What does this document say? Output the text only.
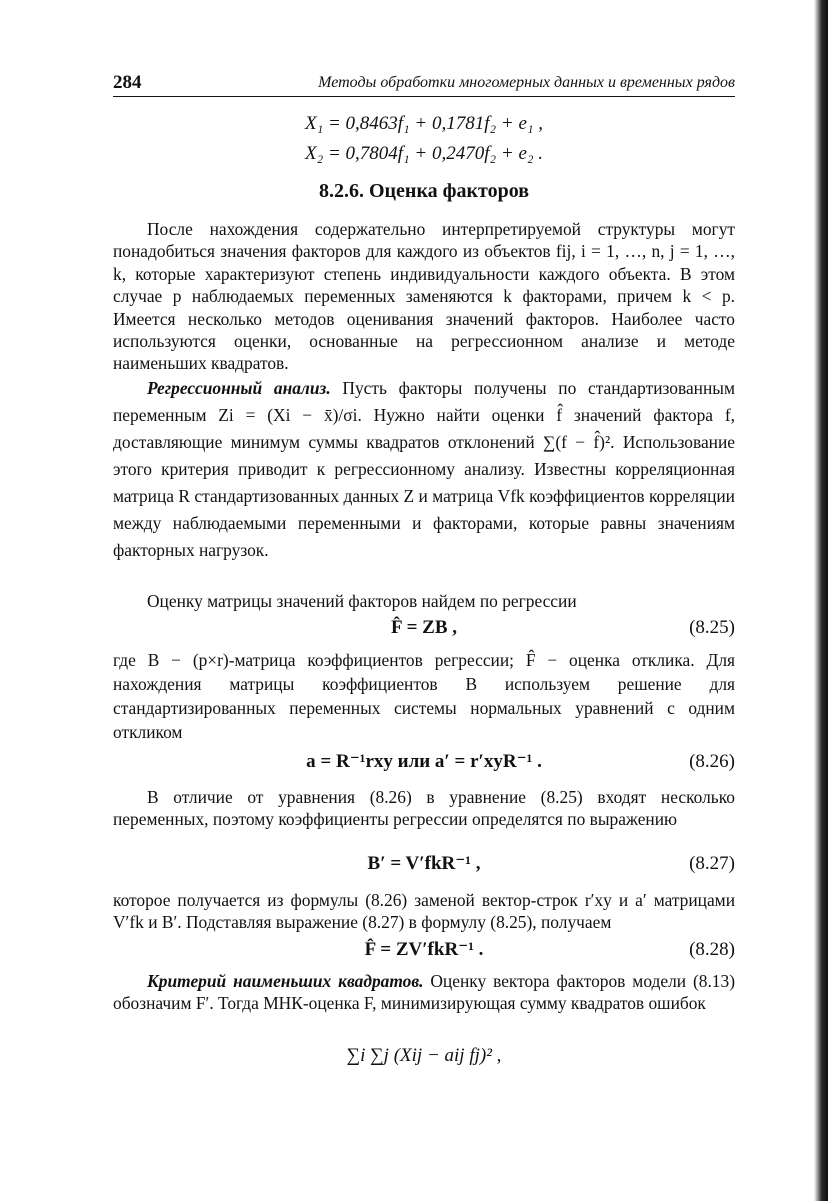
284	Методы обработки многомерных данных и временных рядов
X₁ = 0,8463f₁ + 0,1781f₂ + e₁ ,
X₂ = 0,7804f₁ + 0,2470f₂ + e₂ .
8.2.6. Оценка факторов

После нахождения содержательно интерпретируемой структуры могут понадобиться значения факторов для каждого из объектов fij, i = 1, …, n, j = 1, …, k, которые характеризуют степень индивидуальности каждого объекта. В этом случае p наблюдаемых переменных заменяются k факторами, причем k < p. Имеется несколько методов оценивания значений факторов. Наиболее часто используются оценки, основанные на регрессионном анализе и методе наименьших квадратов.

Регрессионный анализ. Пусть факторы получены по стандартизованным переменным Zi = (Xi − x̄)/σi. Нужно найти оценки f̂ значений фактора f, доставляющие минимум суммы квадратов отклонений ∑(f − f̂)². Использование этого критерия приводит к регрессионному анализу. Известны корреляционная матрица R стандартизованных данных Z и матрица Vfk коэффициентов корреляции между наблюдаемыми переменными и факторами, которые равны значениям факторных нагрузок.

Оценку матрицы значений факторов найдем по регрессии

F̂ = ZB ,	(8.25)

где B − (p×r)-матрица коэффициентов регрессии; F̂ − оценка отклика. Для нахождения матрицы коэффициентов B используем решение для стандартизированных переменных системы нормальных уравнений с одним откликом

a = R⁻¹rxy или a′ = r′xyR⁻¹ .	(8.26)

В отличие от уравнения (8.26) в уравнение (8.25) входят несколько переменных, поэтому коэффициенты регрессии определятся по выражению

B′ = V′fkR⁻¹ ,	(8.27)

которое получается из формулы (8.26) заменой вектор-строк r′xy и a′ матрицами V′fk и B′. Подставляя выражение (8.27) в формулу (8.25), получаем

F̂ = ZV′fkR⁻¹ .	(8.28)

Критерий наименьших квадратов. Оценку вектора факторов модели (8.13) обозначим F′. Тогда МНК-оценка F, минимизирующая сумму квадратов ошибок

∑i ∑j (Xij − aij fj)² ,
